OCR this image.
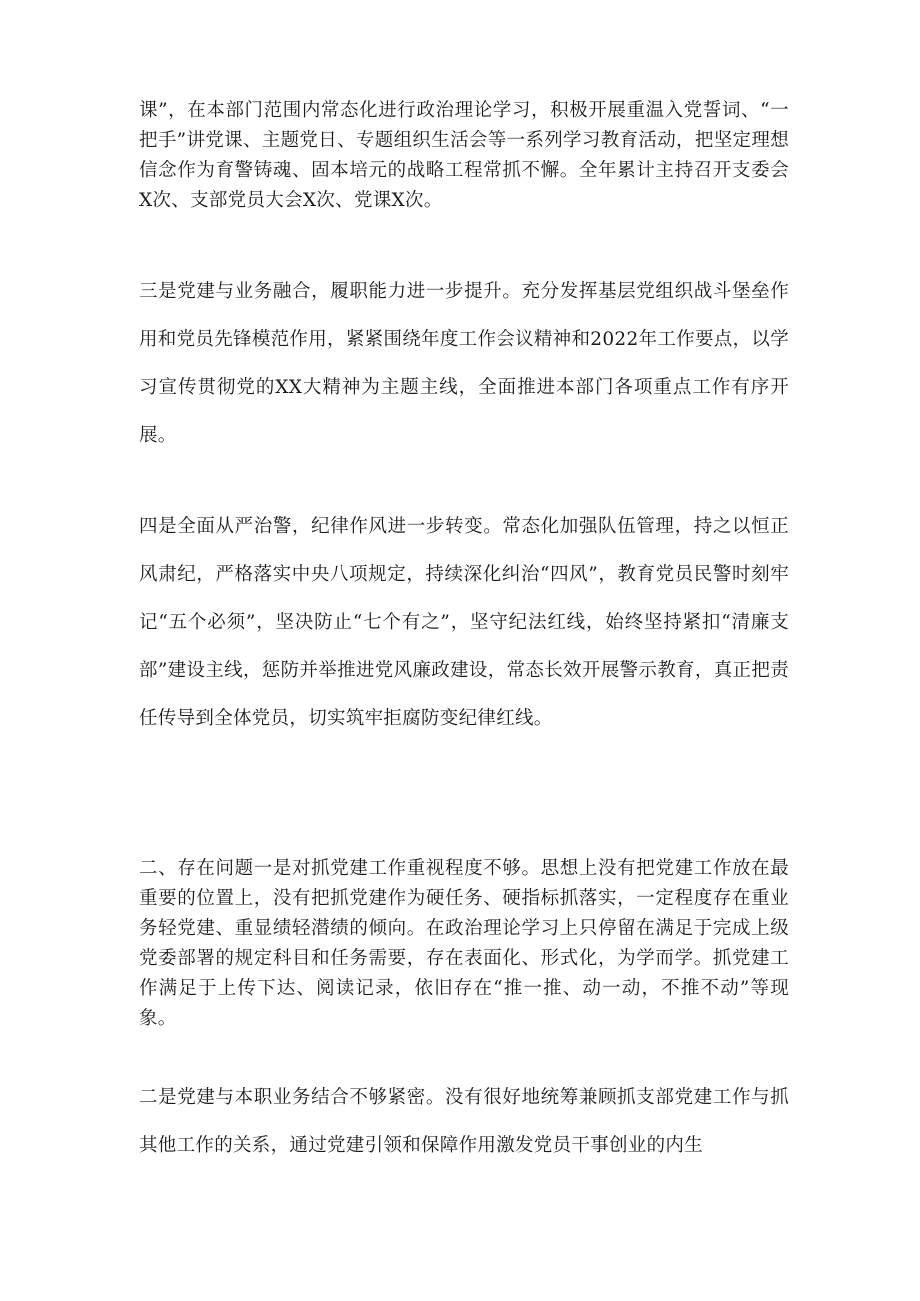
课”，在本部门范围内常态化进行政治理论学习，积极开展重温入党誓词、“一把手”讲党课、主题党日、专题组织生活会等一系列学习教育活动，把坚定理想信念作为育警铸魂、固本培元的战略工程常抓不懈。全年累计主持召开支委会X次、支部党员大会X次、党课X次。

三是党建与业务融合，履职能力进一步提升。充分发挥基层党组织战斗堡垒作用和党员先锋模范作用，紧紧围绕年度工作会议精神和2022年工作要点，以学习宣传贯彻党的XX大精神为主题主线，全面推进本部门各项重点工作有序开展。

四是全面从严治警，纪律作风进一步转变。常态化加强队伍管理，持之以恒正风肃纪，严格落实中央八项规定，持续深化纠治“四风”，教育党员民警时刻牢记“五个必须”，坚决防止“七个有之”，坚守纪法红线，始终坚持紧扣“清廉支部”建设主线，惩防并举推进党风廉政建设，常态长效开展警示教育，真正把责任传导到全体党员，切实筑牢拒腐防变纪律红线。

二、存在问题一是对抓党建工作重视程度不够。思想上没有把党建工作放在最重要的位置上，没有把抓党建作为硬任务、硬指标抓落实，一定程度存在重业务轻党建、重显绩轻潜绩的倾向。在政治理论学习上只停留在满足于完成上级党委部署的规定科目和任务需要，存在表面化、形式化，为学而学。抓党建工作满足于上传下达、阅读记录，依旧存在“推一推、动一动，不推不动”等现象。

二是党建与本职业务结合不够紧密。没有很好地统筹兼顾抓支部党建工作与抓其他工作的关系，通过党建引领和保障作用激发党员干事创业的内生
